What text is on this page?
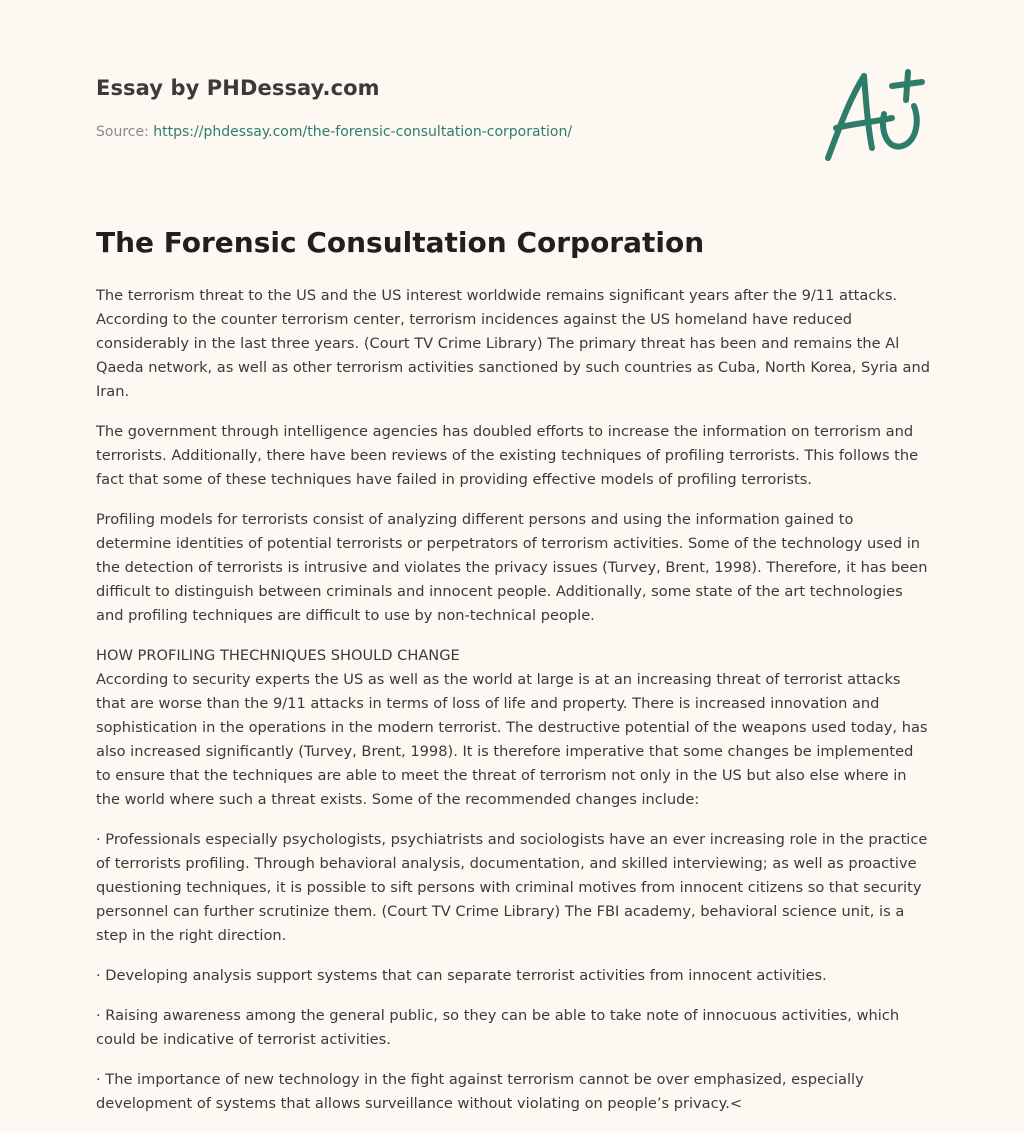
Essay by PHDessay.com
Source: https://phdessay.com/the-forensic-consultation-corporation/
The Forensic Consultation Corporation

The terrorism threat to the US and the US interest worldwide remains significant years after the 9/11 attacks. According to the counter terrorism center, terrorism incidences against the US homeland have reduced considerably in the last three years. (Court TV Crime Library) The primary threat has been and remains the Al Qaeda network, as well as other terrorism activities sanctioned by such countries as Cuba, North Korea, Syria and Iran.

The government through intelligence agencies has doubled efforts to increase the information on terrorism and terrorists. Additionally, there have been reviews of the existing techniques of profiling terrorists. This follows the fact that some of these techniques have failed in providing effective models of profiling terrorists.

Profiling models for terrorists consist of analyzing different persons and using the information gained to determine identities of potential terrorists or perpetrators of terrorism activities. Some of the technology used in the detection of terrorists is intrusive and violates the privacy issues (Turvey, Brent, 1998). Therefore, it has been difficult to distinguish between criminals and innocent people. Additionally, some state of the art technologies and profiling techniques are difficult to use by non-technical people.

HOW PROFILING THECHNIQUES SHOULD CHANGE
According to security experts the US as well as the world at large is at an increasing threat of terrorist attacks that are worse than the 9/11 attacks in terms of loss of life and property. There is increased innovation and sophistication in the operations in the modern terrorist. The destructive potential of the weapons used today, has also increased significantly (Turvey, Brent, 1998). It is therefore imperative that some changes be implemented to ensure that the techniques are able to meet the threat of terrorism not only in the US but also else where in the world where such a threat exists. Some of the recommended changes include:

· Professionals especially psychologists, psychiatrists and sociologists have an ever increasing role in the practice of terrorists profiling. Through behavioral analysis, documentation, and skilled interviewing; as well as proactive questioning techniques, it is possible to sift persons with criminal motives from innocent citizens so that security personnel can further scrutinize them. (Court TV Crime Library) The FBI academy, behavioral science unit, is a step in the right direction.

· Developing analysis support systems that can separate terrorist activities from innocent activities.

· Raising awareness among the general public, so they can be able to take note of innocuous activities, which could be indicative of terrorist activities.

· The importance of new technology in the fight against terrorism cannot be over emphasized, especially development of systems that allows surveillance without violating on people’s privacy.<
